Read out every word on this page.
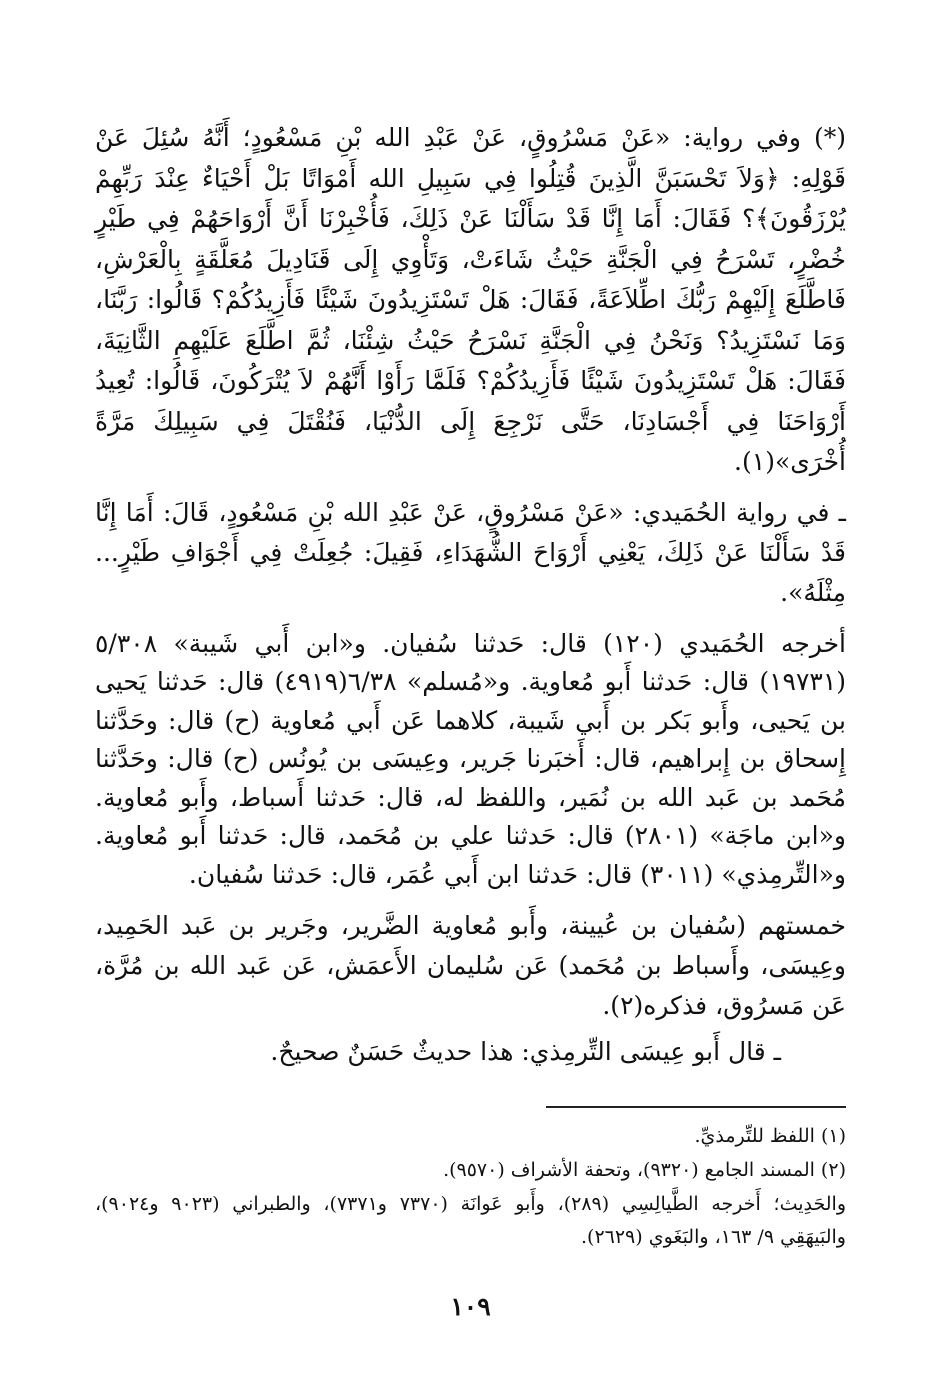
(*) وفي رواية: «عَنْ مَسْرُوقٍ، عَنْ عَبْدِ الله بْنِ مَسْعُودٍ؛ أَنَّهُ سُئِلَ عَنْ قَوْلِهِ: ﴿وَلاَ تَحْسَبَنَّ الَّذِينَ قُتِلُوا فِي سَبِيلِ الله أَمْوَاتًا بَلْ أَحْيَاءٌ عِنْدَ رَبِّهِمْ يُرْزَقُونَ﴾؟ فَقَالَ: أَمَا إِنَّا قَدْ سَأَلْنَا عَنْ ذَلِكَ، فَأُخْبِرْنَا أَنَّ أَرْوَاحَهُمْ فِي طَيْرٍ خُضْرٍ، تَسْرَحُ فِي الْجَنَّةِ حَيْثُ شَاءَتْ، وَتَأْوِي إِلَى قَنَادِيلَ مُعَلَّقَةٍ بِالْعَرْشِ، فَاطَّلَعَ إِلَيْهِمْ رَبُّكَ اطِّلاَعَةً، فَقَالَ: هَلْ تَسْتَزِيدُونَ شَيْئًا فَأَزِيدُكُمْ؟ قَالُوا: رَبَّنَا، وَمَا نَسْتَزِيدُ؟ وَنَحْنُ فِي الْجَنَّةِ نَسْرَحُ حَيْثُ شِئْنَا، ثُمَّ اطَّلَعَ عَلَيْهِمِ الثَّانِيَةَ، فَقَالَ: هَلْ تَسْتَزِيدُونَ شَيْئًا فَأَزِيدُكُمْ؟ فَلَمَّا رَأَوْا أَنَّهُمْ لاَ يُتْرَكُونَ، قَالُوا: تُعِيدُ أَرْوَاحَنَا فِي أَجْسَادِنَا، حَتَّى نَرْجِعَ إِلَى الدُّنْيَا، فَنُقْتَلَ فِي سَبِيلِكَ مَرَّةً أُخْرَى»(١).

ـ في رواية الحُمَيدي: «عَنْ مَسْرُوقٍ، عَنْ عَبْدِ الله بْنِ مَسْعُودٍ، قَالَ: أَمَا إِنَّا قَدْ سَأَلْنَا عَنْ ذَلِكَ، يَعْنِي أَرْوَاحَ الشُّهَدَاءِ، فَقِيلَ: جُعِلَتْ فِي أَجْوَافِ طَيْرٍ... مِثْلَهُ».

أخرجه الحُمَيدي (١٢٠) قال: حَدثنا سُفيان. و«ابن أَبي شَيبة» ٥/٣٠٨ (١٩٧٣١) قال: حَدثنا أَبو مُعاوية. و«مُسلم» ٦/٣٨(٤٩١٩) قال: حَدثنا يَحيى بن يَحيى، وأَبو بَكر بن أَبي شَيبة، كلاهما عَن أَبي مُعاوية (ح) قال: وحَدَّثنا إِسحاق بن إِبراهيم، قال: أَخبَرنا جَرير، وعِيسَى بن يُونُس (ح) قال: وحَدَّثنا مُحَمد بن عَبد الله بن نُمَير، واللفظ له، قال: حَدثنا أَسباط، وأَبو مُعاوية. و«ابن ماجَة» (٢٨٠١) قال: حَدثنا علي بن مُحَمد، قال: حَدثنا أَبو مُعاوية. و«التِّرمِذي» (٣٠١١) قال: حَدثنا ابن أَبي عُمَر، قال: حَدثنا سُفيان.

خمستهم (سُفيان بن عُيينة، وأَبو مُعاوية الضَّرير، وجَرير بن عَبد الحَمِيد، وعِيسَى، وأَسباط بن مُحَمد) عَن سُليمان الأَعمَش، عَن عَبد الله بن مُرَّة، عَن مَسرُوق، فذكره(٢).

ـ قال أَبو عِيسَى التِّرمِذي: هذا حديثٌ حَسَنٌ صحيحٌ.

(١) اللفظ للتِّرمذيِّ.

(٢) المسند الجامع (٩٣٢٠)، وتحفة الأشراف (٩٥٧٠).

والحَدِيث؛ أَخرجه الطَّيالِسِي (٢٨٩)، وأَبو عَوانَة (٧٣٧٠ و٧٣٧١)، والطبراني (٩٠٢٣ و٩٠٢٤)، والبَيهَقِي ٩/ ١٦٣، والبَغَوي (٢٦٢٩).

١٠٩
